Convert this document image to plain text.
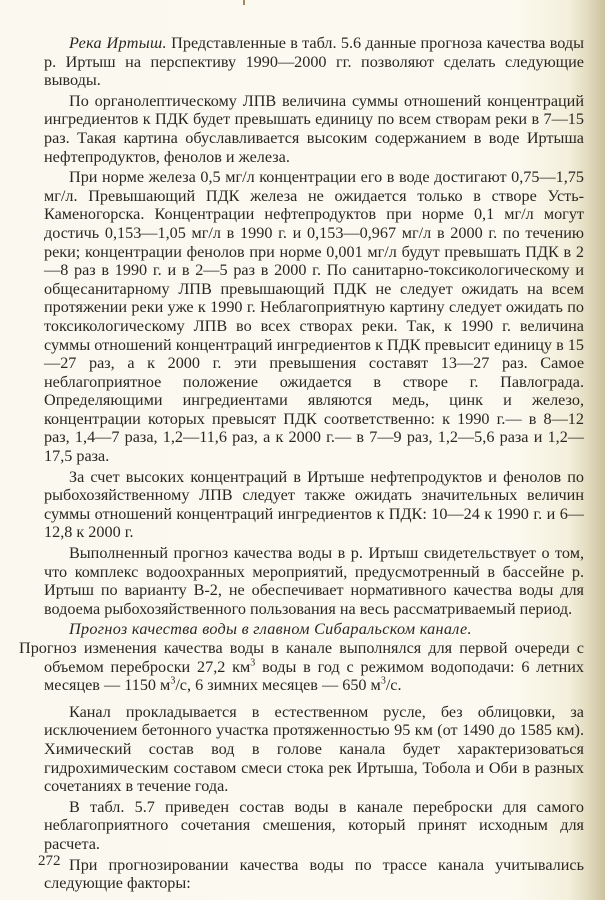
Река Иртыш. Представленные в табл. 5.6 данные прогноза качества воды р. Иртыш на перспективу 1990—2000 гг. позволяют сделать следующие выводы.

По органолептическому ЛПВ величина суммы отношений концентраций ингредиентов к ПДК будет превышать единицу по всем створам реки в 7—15 раз. Такая картина обуславливается высоким содержанием в воде Иртыша нефтепродуктов, фенолов и железа.

При норме железа 0,5 мг/л концентрации его в воде достигают 0,75—1,75 мг/л. Превышающий ПДК железа не ожидается только в створе Усть-Каменогорска. Концентрации нефтепродуктов при норме 0,1 мг/л могут достичь 0,153—1,05 мг/л в 1990 г. и 0,153—0,967 мг/л в 2000 г. по течению реки; концентрации фенолов при норме 0,001 мг/л будут превышать ПДК в 2—8 раз в 1990 г. и в 2—5 раз в 2000 г. По санитарно-токсикологическому и общесанитарному ЛПВ превышающий ПДК не следует ожидать на всем протяжении реки уже к 1990 г. Неблагоприятную картину следует ожидать по токсикологическому ЛПВ во всех створах реки. Так, к 1990 г. величина суммы отношений концентраций ингредиентов к ПДК превысит единицу в 15—27 раз, а к 2000 г. эти превышения составят 13—27 раз. Самое неблагоприятное положение ожидается в створе г. Павлограда. Определяющими ингредиентами являются медь, цинк и железо, концентрации которых превысят ПДК соответственно: к 1990 г.— в 8—12 раз, 1,4—7 раза, 1,2—11,6 раз, а к 2000 г.— в 7—9 раз, 1,2—5,6 раза и 1,2—17,5 раза.

За счет высоких концентраций в Иртыше нефтепродуктов и фенолов по рыбохозяйственному ЛПВ следует также ожидать значительных величин суммы отношений концентраций ингредиентов к ПДК: 10—24 к 1990 г. и 6—12,8 к 2000 г.

Выполненный прогноз качества воды в р. Иртыш свидетельствует о том, что комплекс водоохранных мероприятий, предусмотренный в бассейне р. Иртыш по варианту В-2, не обеспечивает нормативного качества воды для водоема рыбохозяйственного пользования на весь рассматриваемый период.

Прогноз качества воды в главном Сибаральском канале.
Прогноз изменения качества воды в канале выполнялся для первой очереди с объемом переброски 27,2 $км^3$ воды в год с режимом водоподачи: 6 летних месяцев — 1150 $м^3/с$, 6 зимних месяцев — 650 $м^3/с$.

Канал прокладывается в естественном русле, без облицовки, за исключением бетонного участка протяженностью 95 км (от 1490 до 1585 км). Химический состав вод в голове канала будет характеризоваться гидрохимическим составом смеси стока рек Иртыша, Тобола и Оби в разных сочетаниях в течение года.

В табл. 5.7 приведен состав воды в канале переброски для самого неблагоприятного сочетания смешения, который принят исходным для расчета.

При прогнозировании качества воды по трассе канала учитывались следующие факторы:

272
